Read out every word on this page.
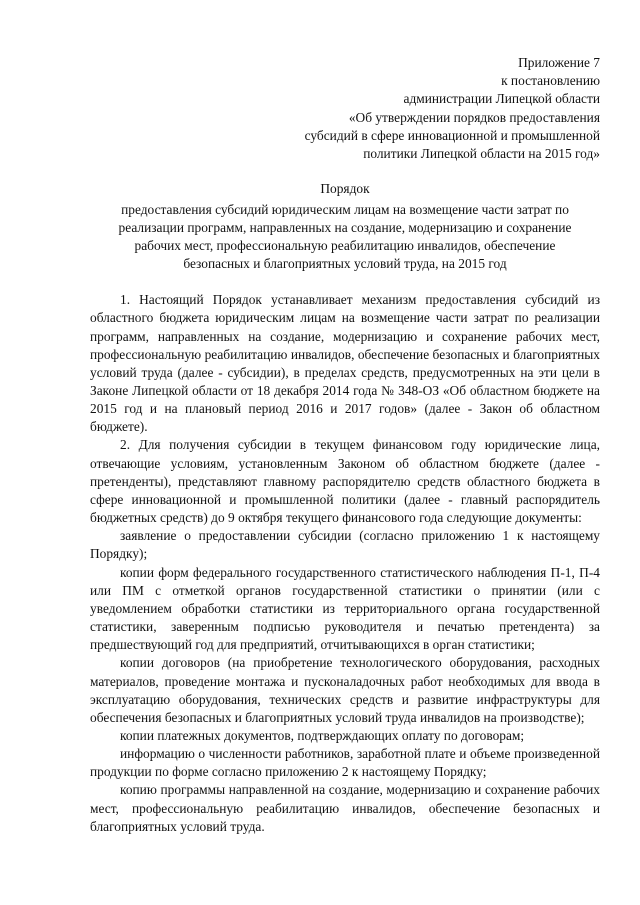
Приложение 7
к постановлению
администрации Липецкой области
«Об утверждении порядков предоставления
субсидий в сфере инновационной и промышленной
политики Липецкой области на 2015 год»
Порядок
предоставления субсидий юридическим лицам на возмещение части затрат по
реализации программ, направленных на создание, модернизацию и сохранение
рабочих мест, профессиональную реабилитацию инвалидов, обеспечение
безопасных и благоприятных условий труда, на 2015 год

1. Настоящий Порядок устанавливает механизм предоставления субсидий из областного бюджета юридическим лицам на возмещение части затрат по реализации программ, направленных на создание, модернизацию и сохранение рабочих мест, профессиональную реабилитацию инвалидов, обеспечение безопасных и благоприятных условий труда (далее - субсидии), в пределах средств, предусмотренных на эти цели в Законе Липецкой области от 18 декабря 2014 года № 348-ОЗ «Об областном бюджете на 2015 год и на плановый период 2016 и 2017 годов» (далее - Закон об областном бюджете).

2. Для получения субсидии в текущем финансовом году юридические лица, отвечающие условиям, установленным Законом об областном бюджете (далее - претенденты), представляют главному распорядителю средств областного бюджета в сфере инновационной и промышленной политики (далее - главный распорядитель бюджетных средств) до 9 октября текущего финансового года следующие документы:

заявление о предоставлении субсидии (согласно приложению 1 к настоящему Порядку);

копии форм федерального государственного статистического наблюдения П-1, П-4 или ПМ с отметкой органов государственной статистики о принятии (или с уведомлением обработки статистики из территориального органа государственной статистики, заверенным подписью руководителя и печатью претендента) за предшествующий год для предприятий, отчитывающихся в орган статистики;

копии договоров (на приобретение технологического оборудования, расходных материалов, проведение монтажа и пусконаладочных работ необходимых для ввода в эксплуатацию оборудования, технических средств и развитие инфраструктуры для обеспечения безопасных и благоприятных условий труда инвалидов на производстве);

копии платежных документов, подтверждающих оплату по договорам;

информацию о численности работников, заработной плате и объеме произведенной продукции по форме согласно приложению 2 к настоящему Порядку;

копию программы направленной на создание, модернизацию и сохранение рабочих мест, профессиональную реабилитацию инвалидов, обеспечение безопасных и благоприятных условий труда.
